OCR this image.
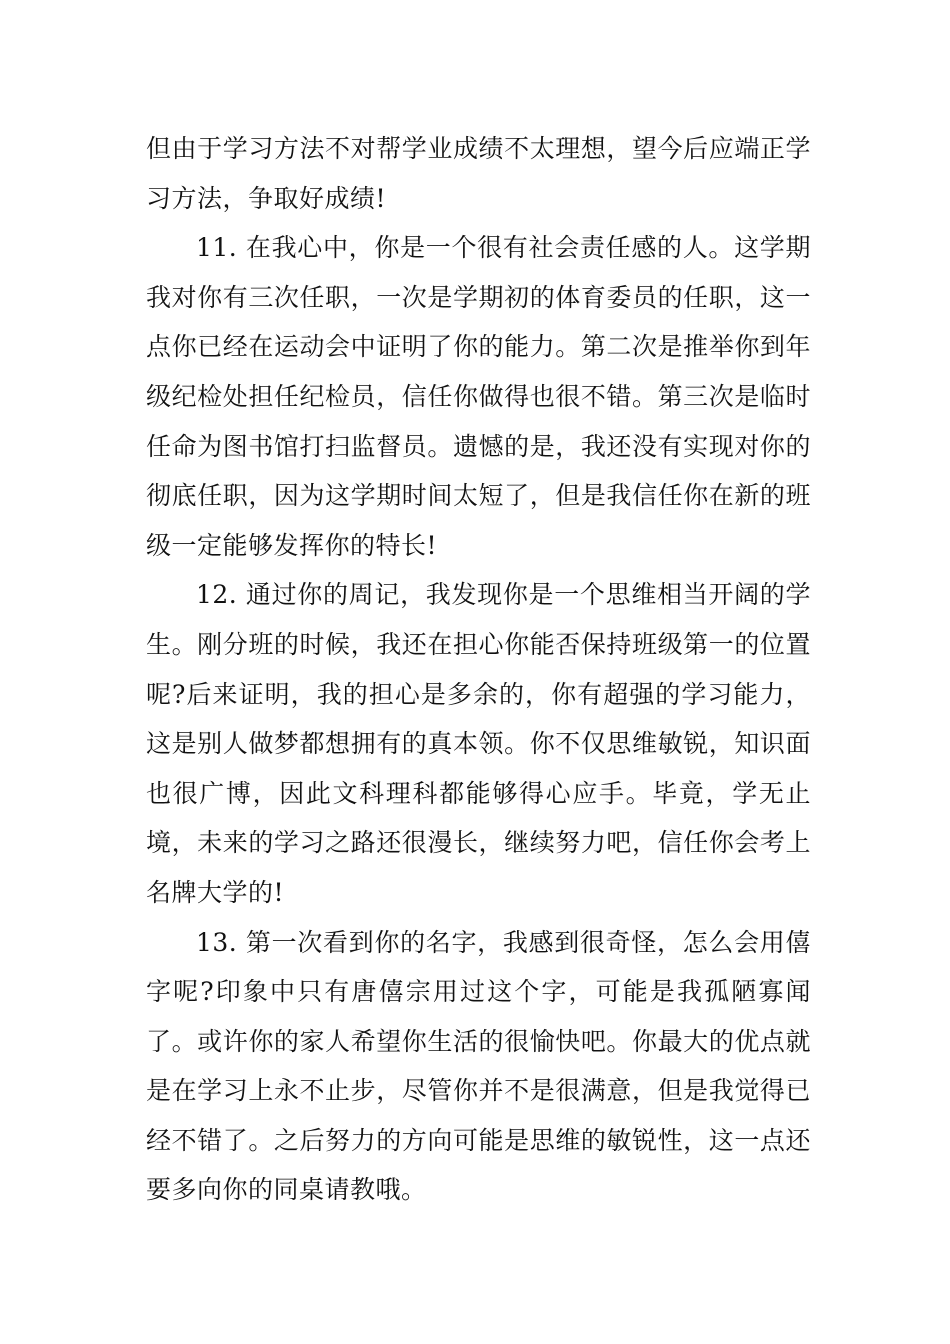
但由于学习方法不对帮学业成绩不太理想，望今后应端正学习方法，争取好成绩!

11. 在我心中，你是一个很有社会责任感的人。这学期我对你有三次任职，一次是学期初的体育委员的任职，这一点你已经在运动会中证明了你的能力。第二次是推举你到年级纪检处担任纪检员，信任你做得也很不错。第三次是临时任命为图书馆打扫监督员。遗憾的是，我还没有实现对你的彻底任职，因为这学期时间太短了，但是我信任你在新的班级一定能够发挥你的特长!

12. 通过你的周记，我发现你是一个思维相当开阔的学生。刚分班的时候，我还在担心你能否保持班级第一的位置呢?后来证明，我的担心是多余的，你有超强的学习能力，这是别人做梦都想拥有的真本领。你不仅思维敏锐，知识面也很广博，因此文科理科都能够得心应手。毕竟，学无止境，未来的学习之路还很漫长，继续努力吧，信任你会考上名牌大学的!

13. 第一次看到你的名字，我感到很奇怪，怎么会用僖字呢?印象中只有唐僖宗用过这个字，可能是我孤陋寡闻了。或许你的家人希望你生活的很愉快吧。你最大的优点就是在学习上永不止步，尽管你并不是很满意，但是我觉得已经不错了。之后努力的方向可能是思维的敏锐性，这一点还要多向你的同桌请教哦。
